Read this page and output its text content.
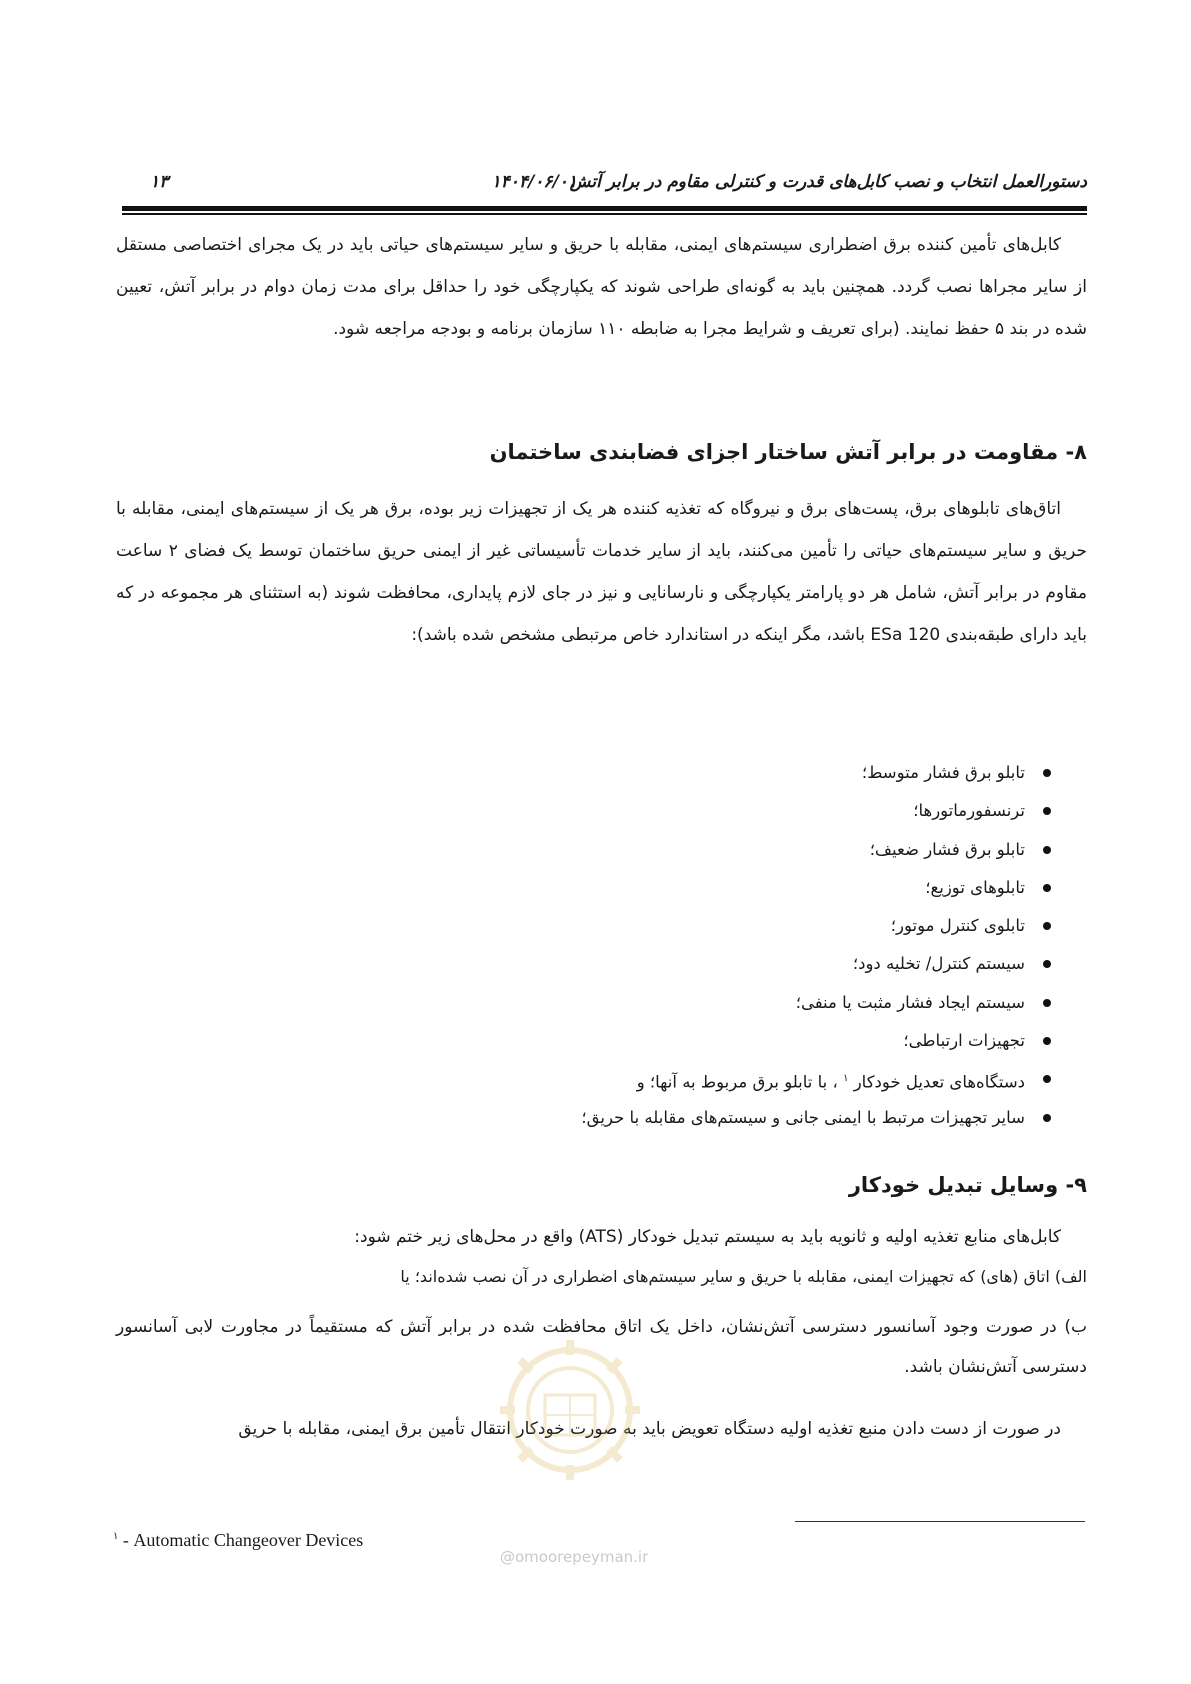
دستورالعمل انتخاب و نصب کابل‌های قدرت و کنترلی مقاوم در برابر آتش
۱۴۰۴/۰۶/۰۱
۱۳

کابل‌های تأمین کننده برق اضطراری سیستم‌های ایمنی، مقابله با حریق و سایر سیستم‌های حیاتی باید در یک مجرای اختصاصی مستقل از سایر مجراها نصب گردد. همچنین باید به گونه‌ای طراحی شوند که یکپارچگی خود را حداقل برای مدت زمان دوام در برابر آتش، تعیین شده در بند ۵ حفظ نمایند. (برای تعریف و شرایط مجرا به ضابطه ۱۱۰ سازمان برنامه و بودجه مراجعه شود.

۸- مقاومت در برابر آتش ساختار اجزای فضابندی ساختمان

اتاق‌های تابلوهای برق، پست‌های برق و نیروگاه که تغذیه کننده هر یک از تجهیزات زیر بوده، برق هر یک از سیستم‌های ایمنی، مقابله با حریق و سایر سیستم‌های حیاتی را تأمین می‌کنند، باید از سایر خدمات تأسیساتی غیر از ایمنی حریق ساختمان توسط یک فضای ۲ ساعت مقاوم در برابر آتش، شامل هر دو پارامتر یکپارچگی و نارسانایی و نیز در جای لازم پایداری، محافظت شوند (به استثنای هر مجموعه در که باید دارای طبقه‌بندی ESa 120 باشد، مگر اینکه در استاندارد خاص مرتبطی مشخص شده باشد):

تابلو برق فشار متوسط؛
ترنسفورماتورها؛
تابلو برق فشار ضعیف؛
تابلوهای توزیع؛
تابلوی کنترل موتور؛
سیستم کنترل/ تخلیه دود؛
سیستم ایجاد فشار مثبت یا منفی؛
تجهیزات ارتباطی؛
دستگاه‌های تعدیل خودکار $^۱$ ، با تابلو برق مربوط به آنها؛ و
سایر تجهیزات مرتبط با ایمنی جانی و سیستم‌های مقابله با حریق؛
۹- وسایل تبدیل خودکار
کابل‌های منابع تغذیه اولیه و ثانویه باید به سیستم تبدیل خودکار (ATS) واقع در محل‌های زیر ختم شود:
الف) اتاق (های) که تجهیزات ایمنی، مقابله با حریق و سایر سیستم‌های اضطراری در آن نصب شده‌اند؛ یا

ب) در صورت وجود آسانسور دسترسی آتش‌نشان، داخل یک اتاق محافظت شده در برابر آتش که مستقیماً در مجاورت لابی آسانسور دسترسی آتش‌نشان باشد.

در صورت از دست دادن منبع تغذیه اولیه دستگاه تعویض باید به صورت خودکار انتقال تأمین برق ایمنی، مقابله با حریق
@omoorepeyman.ir
$^۱$ - Automatic Changeover Devices
